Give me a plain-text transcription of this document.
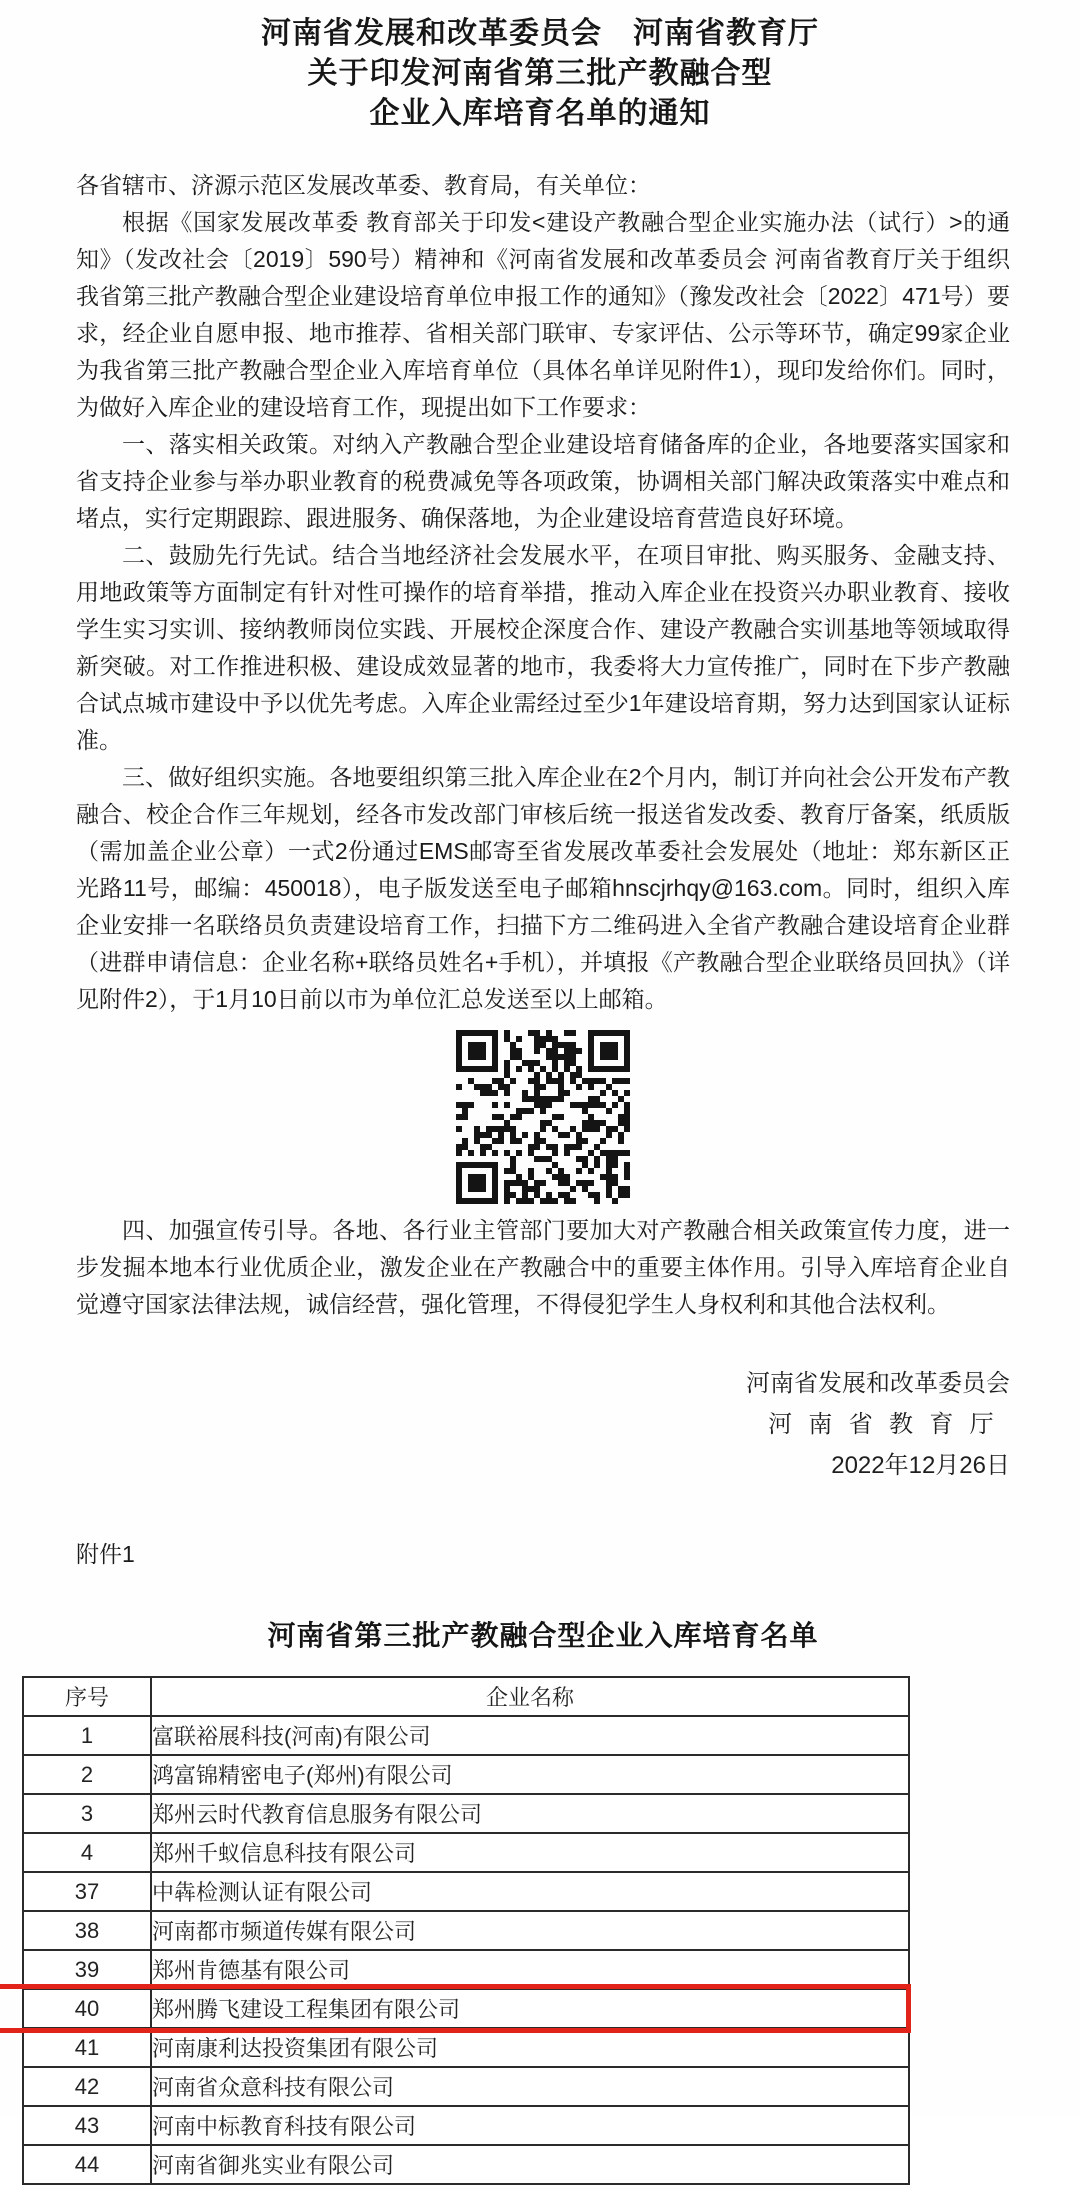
河南省发展和改革委员会　河南省教育厅
关于印发河南省第三批产教融合型
企业入库培育名单的通知

各省辖市、济源示范区发展改革委、教育局，有关单位：

根据《国家发展改革委 教育部关于印发<建设产教融合型企业实施办法（试行）>的通知》（发改社会〔2019〕590号）精神和《河南省发展和改革委员会 河南省教育厅关于组织我省第三批产教融合型企业建设培育单位申报工作的通知》（豫发改社会〔2022〕471号）要求，经企业自愿申报、地市推荐、省相关部门联审、专家评估、公示等环节，确定99家企业为我省第三批产教融合型企业入库培育单位（具体名单详见附件1），现印发给你们。同时，为做好入库企业的建设培育工作，现提出如下工作要求：

一、落实相关政策。对纳入产教融合型企业建设培育储备库的企业，各地要落实国家和省支持企业参与举办职业教育的税费减免等各项政策，协调相关部门解决政策落实中难点和堵点，实行定期跟踪、跟进服务、确保落地，为企业建设培育营造良好环境。

二、鼓励先行先试。结合当地经济社会发展水平，在项目审批、购买服务、金融支持、用地政策等方面制定有针对性可操作的培育举措，推动入库企业在投资兴办职业教育、接收学生实习实训、接纳教师岗位实践、开展校企深度合作、建设产教融合实训基地等领域取得新突破。对工作推进积极、建设成效显著的地市，我委将大力宣传推广，同时在下步产教融合试点城市建设中予以优先考虑。入库企业需经过至少1年建设培育期，努力达到国家认证标准。

三、做好组织实施。各地要组织第三批入库企业在2个月内，制订并向社会公开发布产教融合、校企合作三年规划，经各市发改部门审核后统一报送省发改委、教育厅备案，纸质版（需加盖企业公章）一式2份通过EMS邮寄至省发展改革委社会发展处（地址：郑东新区正光路11号，邮编：450018），电子版发送至电子邮箱hnscjrhqy@163.com。同时，组织入库企业安排一名联络员负责建设培育工作，扫描下方二维码进入全省产教融合建设培育企业群（进群申请信息：企业名称+联络员姓名+手机），并填报《产教融合型企业联络员回执》（详见附件2），于1月10日前以市为单位汇总发送至以上邮箱。

四、加强宣传引导。各地、各行业主管部门要加大对产教融合相关政策宣传力度，进一步发掘本地本行业优质企业，激发企业在产教融合中的重要主体作用。引导入库培育企业自觉遵守国家法律法规，诚信经营，强化管理，不得侵犯学生人身权利和其他合法权利。

河南省发展和改革委员会
河南省教育厅
2022年12月26日
附件1
河南省第三批产教融合型企业入库培育名单
序号	企业名称
1	富联裕展科技(河南)有限公司
2	鸿富锦精密电子(郑州)有限公司
3	郑州云时代教育信息服务有限公司
4	郑州千蚁信息科技有限公司
37	中犇检测认证有限公司
38	河南都市频道传媒有限公司
39	郑州肯德基有限公司
40	郑州腾飞建设工程集团有限公司
41	河南康利达投资集团有限公司
42	河南省众意科技有限公司
43	河南中标教育科技有限公司
44	河南省御兆实业有限公司
